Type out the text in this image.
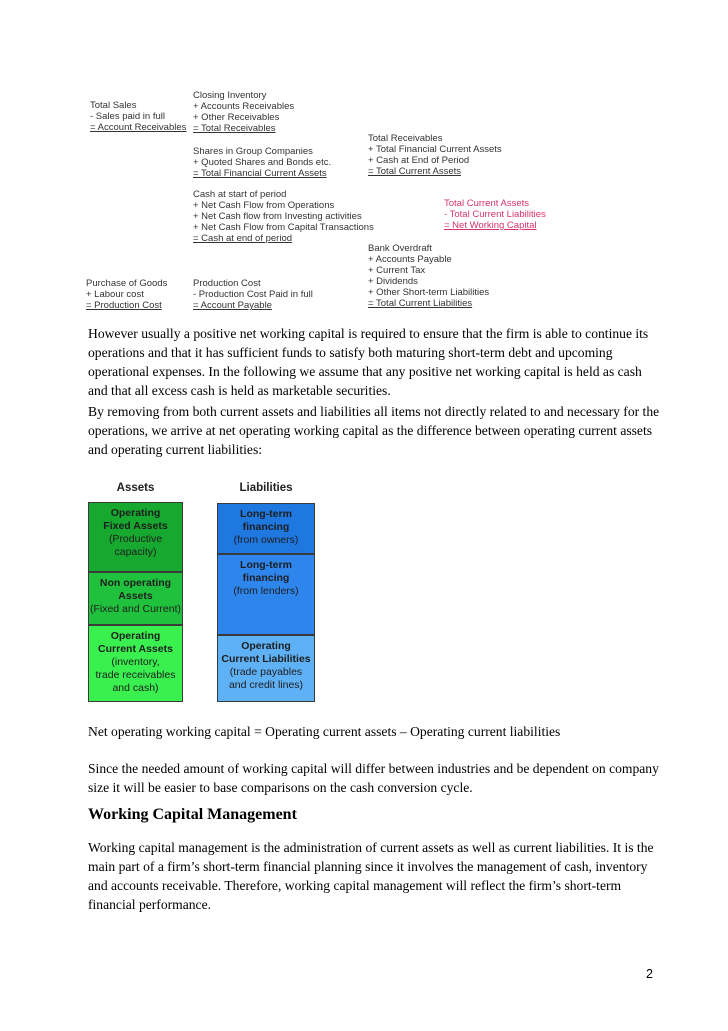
Total Sales
- Sales paid in full
= Account Receivables
Closing Inventory
+ Accounts Receivables
+ Other Receivables
= Total Receivables
Shares in Group Companies
+ Quoted Shares and Bonds etc.
= Total Financial Current Assets
Cash at start of period
+ Net Cash Flow from Operations
+ Net Cash flow from Investing activities
+ Net Cash Flow from Capital Transactions
= Cash at end of period
Total Receivables
+ Total Financial Current Assets
+ Cash at End of Period
= Total Current Assets
Total Current Assets
- Total Current Liabilities
= Net Working Capital
Bank Overdraft
+ Accounts Payable
+ Current Tax
+ Dividends
+ Other Short-term Liabilities
= Total Current Liabilities
Purchase of Goods
+ Labour cost
= Production Cost
Production Cost
- Production Cost Paid in full
= Account Payable

However usually a positive net working capital is required to ensure that the firm is able to continue its operations and that it has sufficient funds to satisfy both maturing short-term debt and upcoming operational expenses. In the following we assume that any positive net working capital is held as cash and that all excess cash is held as marketable securities.

By removing from both current assets and liabilities all items not directly related to and necessary for the operations, we arrive at net operating working capital as the difference between operating current assets and operating current liabilities:

Assets	Liabilities
Operating
Fixed Assets
(Productive
capacity)
Non operating
Assets
(Fixed and Current)
Operating
Current Assets
(inventory,
trade receivables
and cash)
Long-term
financing
(from owners)
Long-term
financing
(from lenders)
Operating
Current Liabilities
(trade payables
and credit lines)

Net operating working capital = Operating current assets – Operating current liabilities

Since the needed amount of working capital will differ between industries and be dependent on company size it will be easier to base comparisons on the cash conversion cycle.

Working Capital Management

Working capital management is the administration of current assets as well as current liabilities. It is the main part of a firm’s short-term financial planning since it involves the management of cash, inventory and accounts receivable. Therefore, working capital management will reflect the firm’s short-term financial performance.

2
